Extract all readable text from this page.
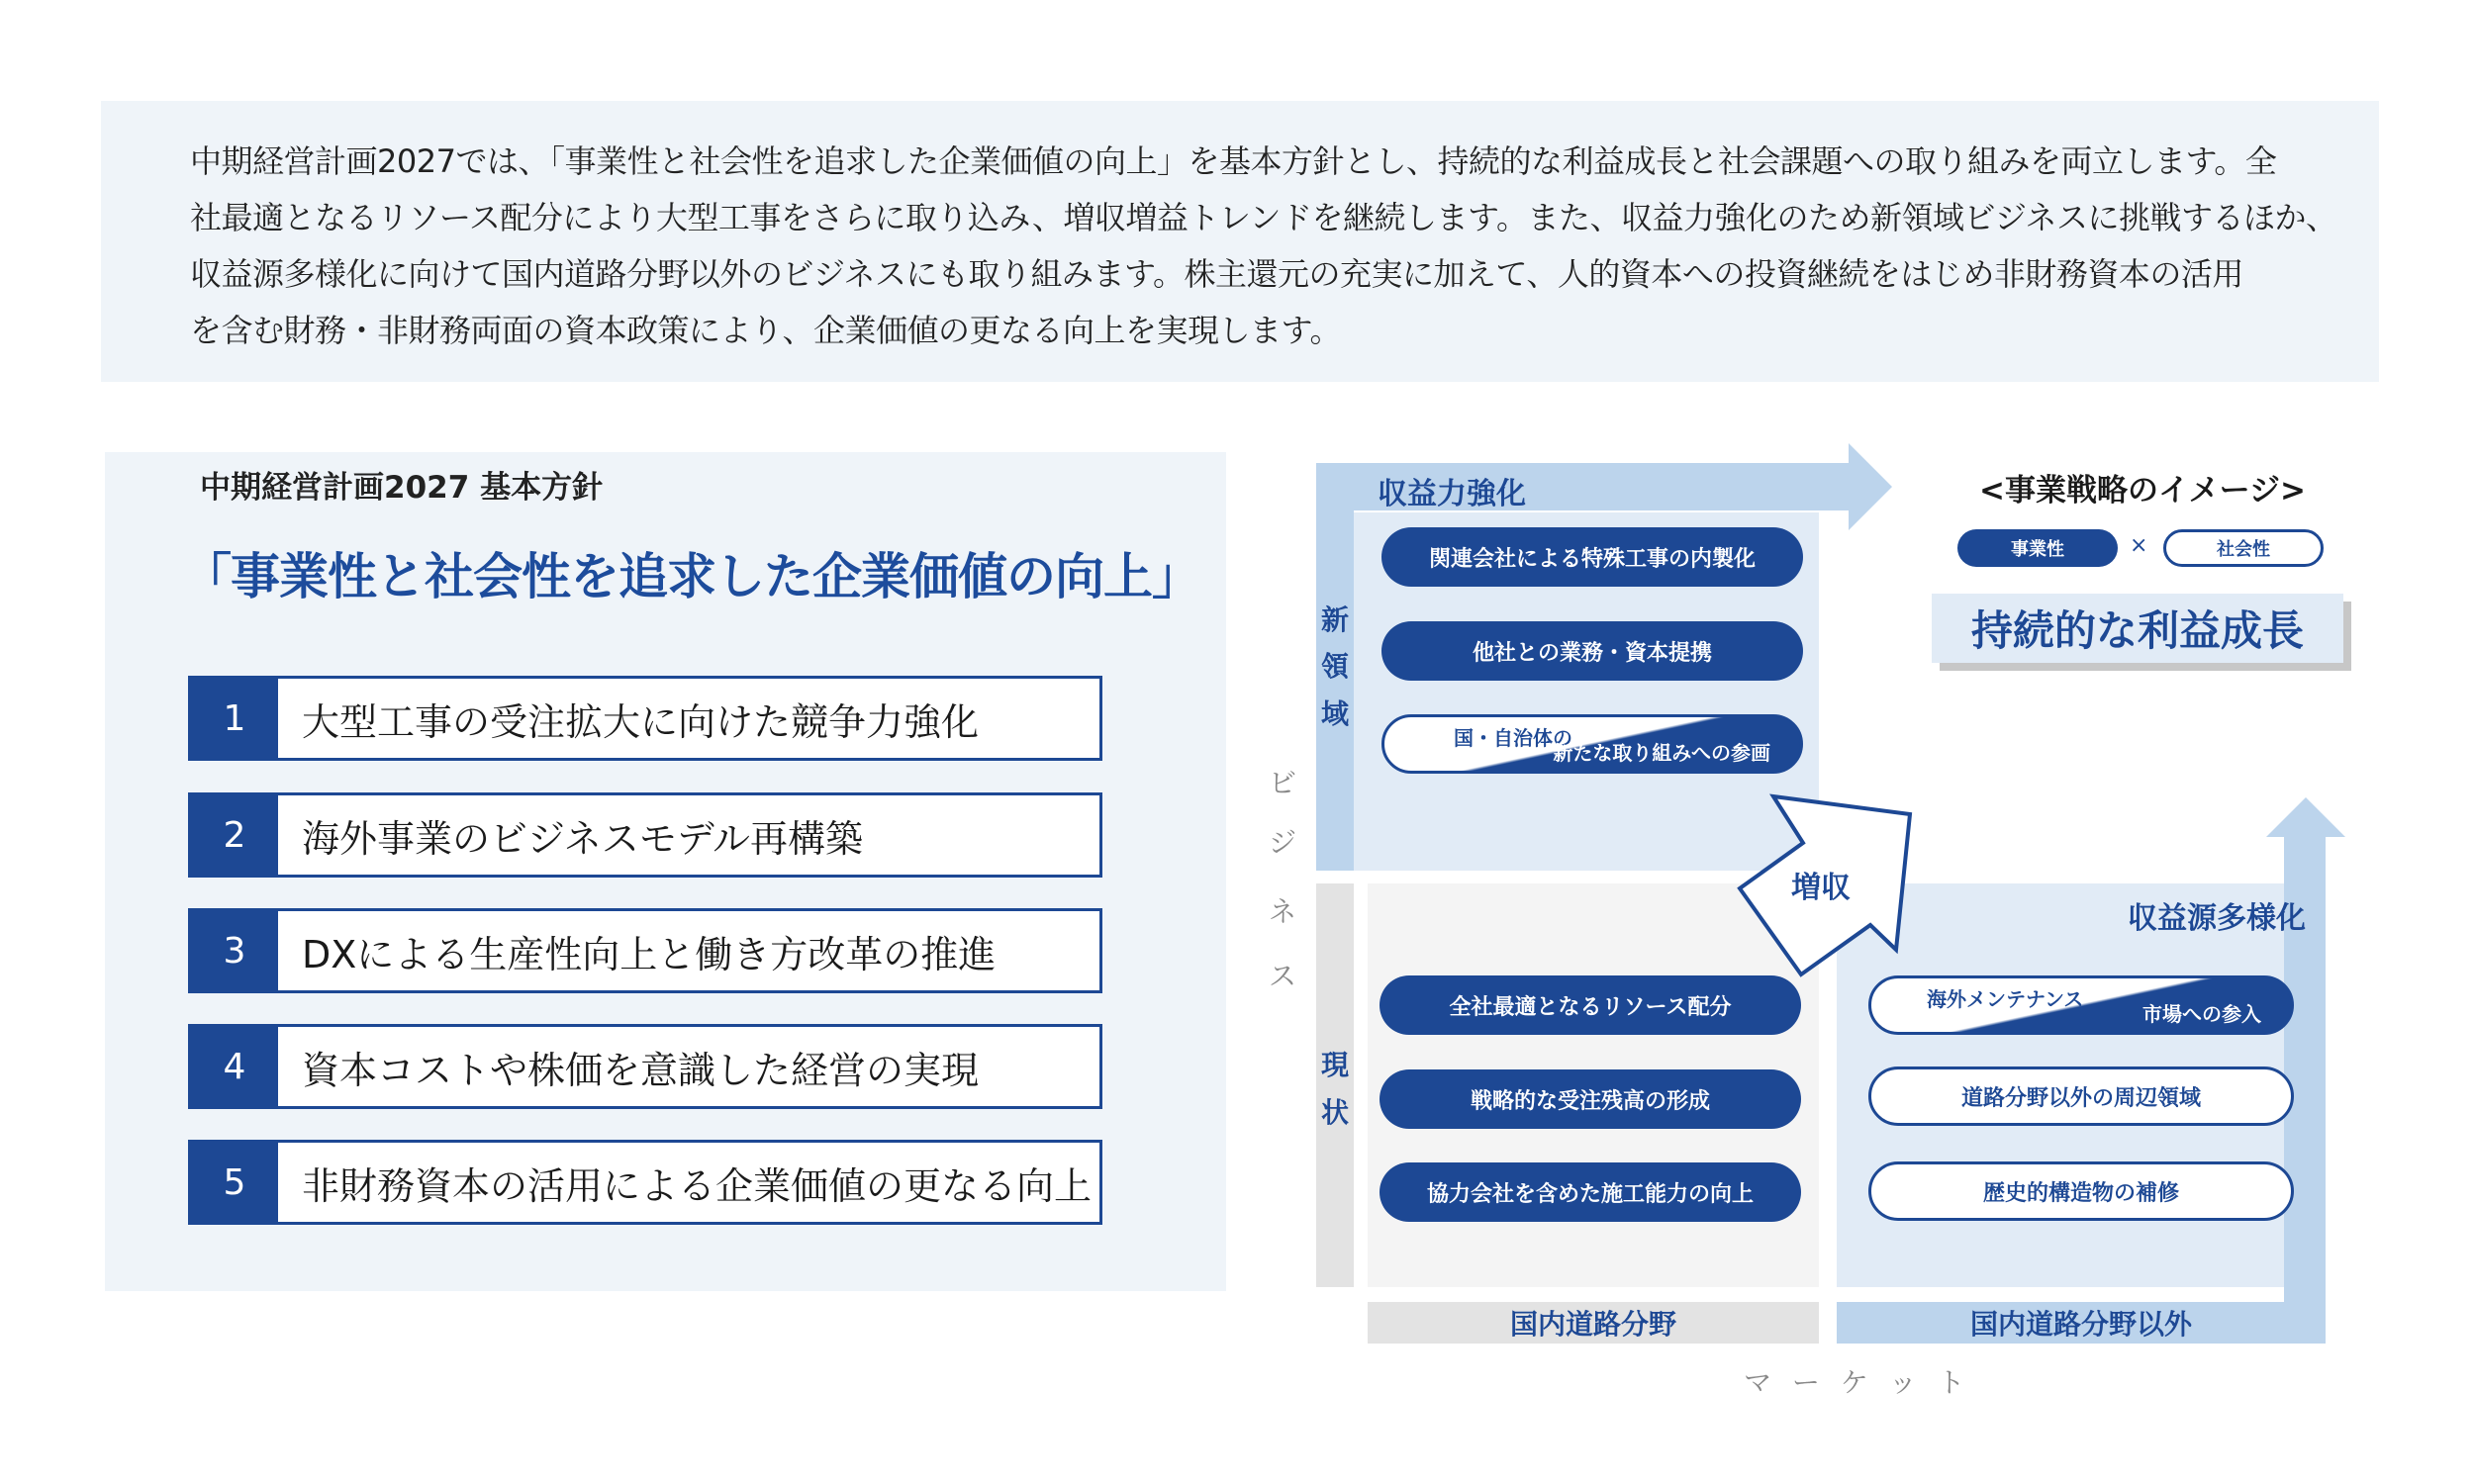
中期経営計画2027では、「事業性と社会性を追求した企業価値の向上」を基本方針とし、持続的な利益成長と社会課題への取り組みを両立します。全
社最適となるリソース配分により大型工事をさらに取り込み、増収増益トレンドを継続します。また、収益力強化のため新領域ビジネスに挑戦するほか、
収益源多様化に向けて国内道路分野以外のビジネスにも取り組みます。株主還元の充実に加えて、人的資本への投資継続をはじめ非財務資本の活用
を含む財務・非財務両面の資本政策により、企業価値の更なる向上を実現します。
中期経営計画2027 基本方針
「事業性と社会性を追求した企業価値の向上」
1	大型工事の受注拡大に向けた競争力強化
2	海外事業のビジネスモデル再構築
3	DXによる生産性向上と働き方改革の推進
4	資本コストや株価を意識した経営の実現
5	非財務資本の活用による企業価値の更なる向上
収益力強化
収益源多様化
増収
<事業戦略のイメージ>
事業性	×	社会性
持続的な利益成長
新
領
域
現
状
ビ
ジ
ネ
ス
関連会社による特殊工事の内製化
他社との業務・資本提携
国・自治体の
新たな取り組みへの参画
全社最適となるリソース配分
戦略的な受注残高の形成
協力会社を含めた施工能力の向上
海外メンテナンス
市場への参入
道路分野以外の周辺領域
歴史的構造物の補修
国内道路分野	国内道路分野以外
マ ー ケ ッ ト
